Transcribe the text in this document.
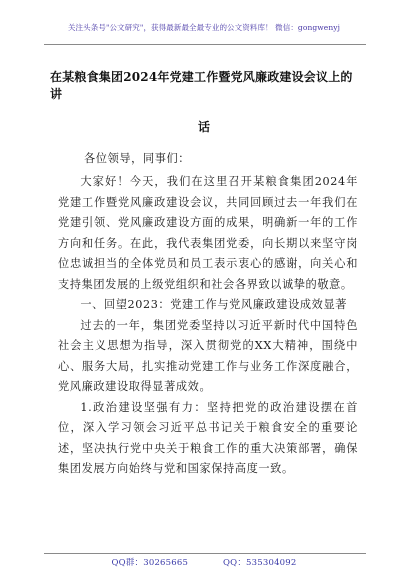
关注头条号"公文研究"，获得最新最全最专业的公文资料库！ 微信：gongwenyj
在某粮食集团2024年党建工作暨党风廉政建设会议上的讲
话
各位领导，同事们：

大家好！今天，我们在这里召开某粮食集团2024年党建工作暨党风廉政建设会议，共同回顾过去一年我们在党建引领、党风廉政建设方面的成果，明确新一年的工作方向和任务。在此，我代表集团党委，向长期以来坚守岗位忠诚担当的全体党员和员工表示衷心的感谢，向关心和支持集团发展的上级党组织和社会各界致以诚挚的敬意。

一、回望2023：党建工作与党风廉政建设成效显著

过去的一年，集团党委坚持以习近平新时代中国特色社会主义思想为指导，深入贯彻党的XX大精神，围绕中心、服务大局，扎实推动党建工作与业务工作深度融合，党风廉政建设取得显著成效。

1.政治建设坚强有力：坚持把党的政治建设摆在首位，深入学习领会习近平总书记关于粮食安全的重要论述，坚决执行党中央关于粮食工作的重大决策部署，确保集团发展方向始终与党和国家保持高度一致。

QQ群：30265665	QQ：535304092
